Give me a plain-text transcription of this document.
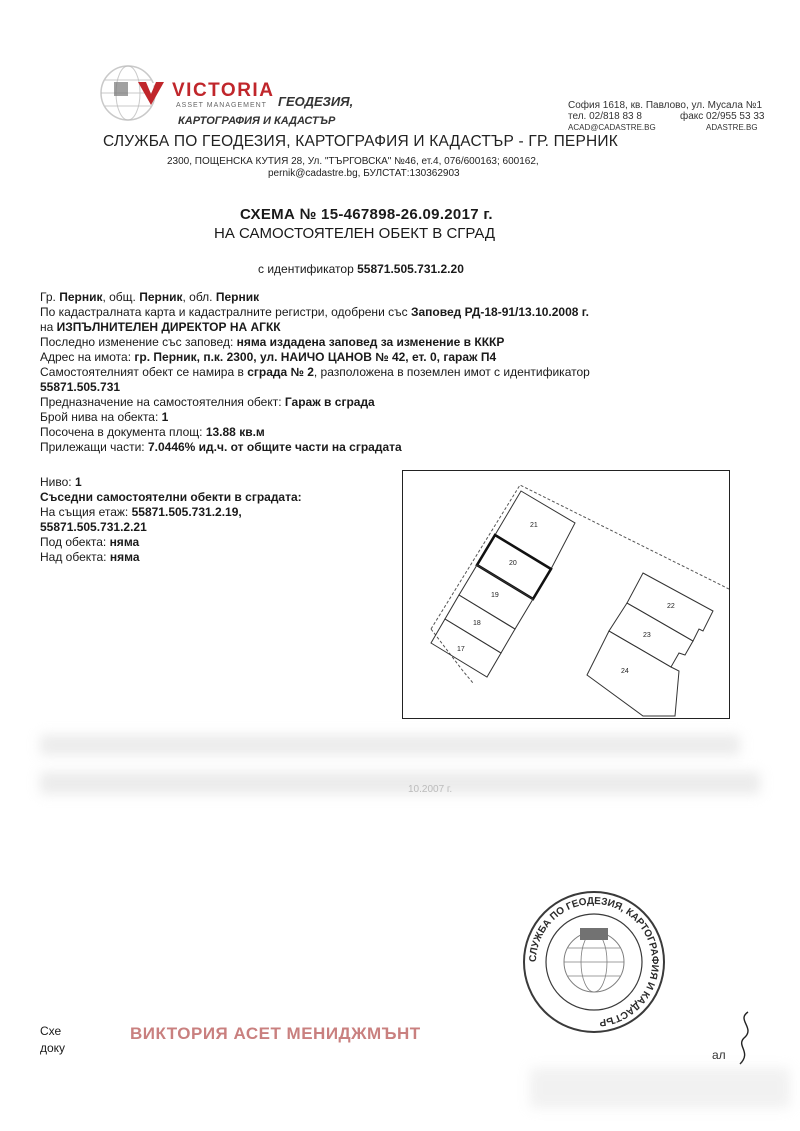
VICTORIA
ASSET MANAGEMENT ГЕОДЕЗИЯ,
КАРТОГРАФИЯ И КАДАСТЪР
София 1618, кв. Павлово, ул. Мусала №1
тел. 02/818 83 8	факс 02/955 53 33
ACAD@CADASTRE.BG	ADASTRE.BG
СЛУЖБА ПО ГЕОДЕЗИЯ, КАРТОГРАФИЯ И КАДАСТЪР - ГР. ПЕРНИК
2300, ПОЩЕНСКА КУТИЯ 28, Ул. "ТЪРГОВСКА" №46, ет.4, 076/600163; 600162,
pernik@cadastre.bg, БУЛСТАТ:130362903
СХЕМА № 15-467898-26.09.2017 г.
НА САМОСТОЯТЕЛЕН ОБЕКТ В СГРАД
с идентификатор 55871.505.731.2.20
Гр. Перник, общ. Перник, обл. Перник
По кадастралната карта и кадастралните регистри, одобрени със Заповед РД-18-91/13.10.2008 г.
на ИЗПЪЛНИТЕЛЕН ДИРЕКТОР НА АГКК
Последно изменение със заповед: няма издадена заповед за изменение в КККР
Адрес на имота: гр. Перник, п.к. 2300, ул. НАИЧО ЦАНОВ № 42, ет. 0, гараж П4
Самостоятелният обект се намира в сграда № 2, разположена в поземлен имот с идентификатор
55871.505.731
Предназначение на самостоятелния обект: Гараж в сграда
Брой нива на обекта: 1
Посочена в документа площ: 13.88 кв.м
Прилежащи части: 7.0446% ид.ч. от общите части на сградата
Ниво: 1
Съседни самостоятелни обекти в сградата:
На същия етаж: 55871.505.731.2.19,
55871.505.731.2.21
Под обекта: няма
Над обекта: няма
21
20
19
18
17
22
23
24
10.2007 г.
СЛУЖБА ПО ГЕОДЕЗИЯ, КАРТОГРАФИЯ И КАДАСТЪР
ВИКТОРИЯ АСЕТ МЕНИДЖМЪНТ
Схе
доку	ал
